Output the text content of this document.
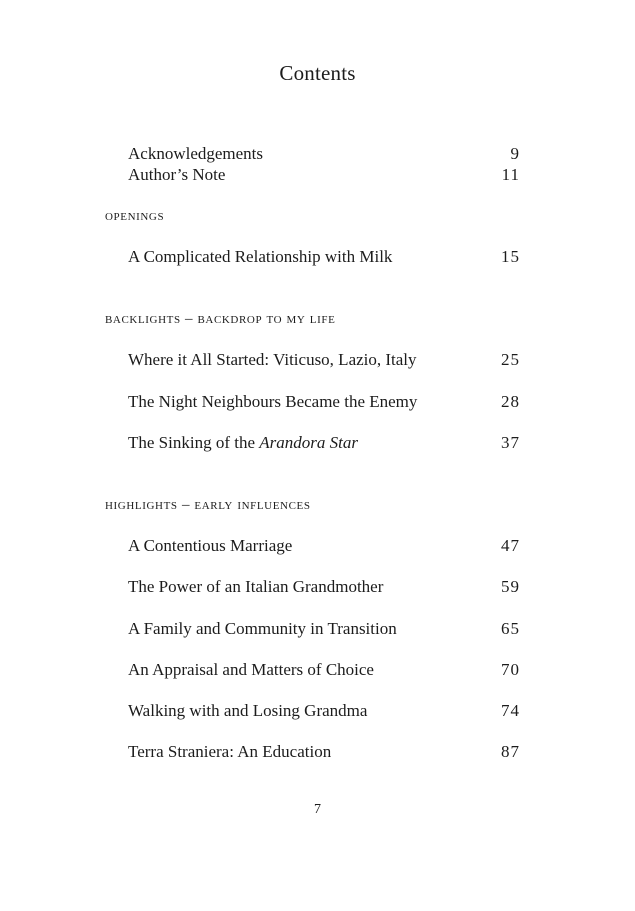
Contents
Acknowledgements	9
Author’s Note	11
openings
A Complicated Relationship with Milk	15
backlights – backdrop to my life
Where it All Started: Viticuso, Lazio, Italy	25
The Night Neighbours Became the Enemy	28
The Sinking of the Arandora Star	37
highlights – early influences
A Contentious Marriage	47
The Power of an Italian Grandmother	59
A Family and Community in Transition	65
An Appraisal and Matters of Choice	70
Walking with and Losing Grandma	74
Terra Straniera: An Education	87
7
